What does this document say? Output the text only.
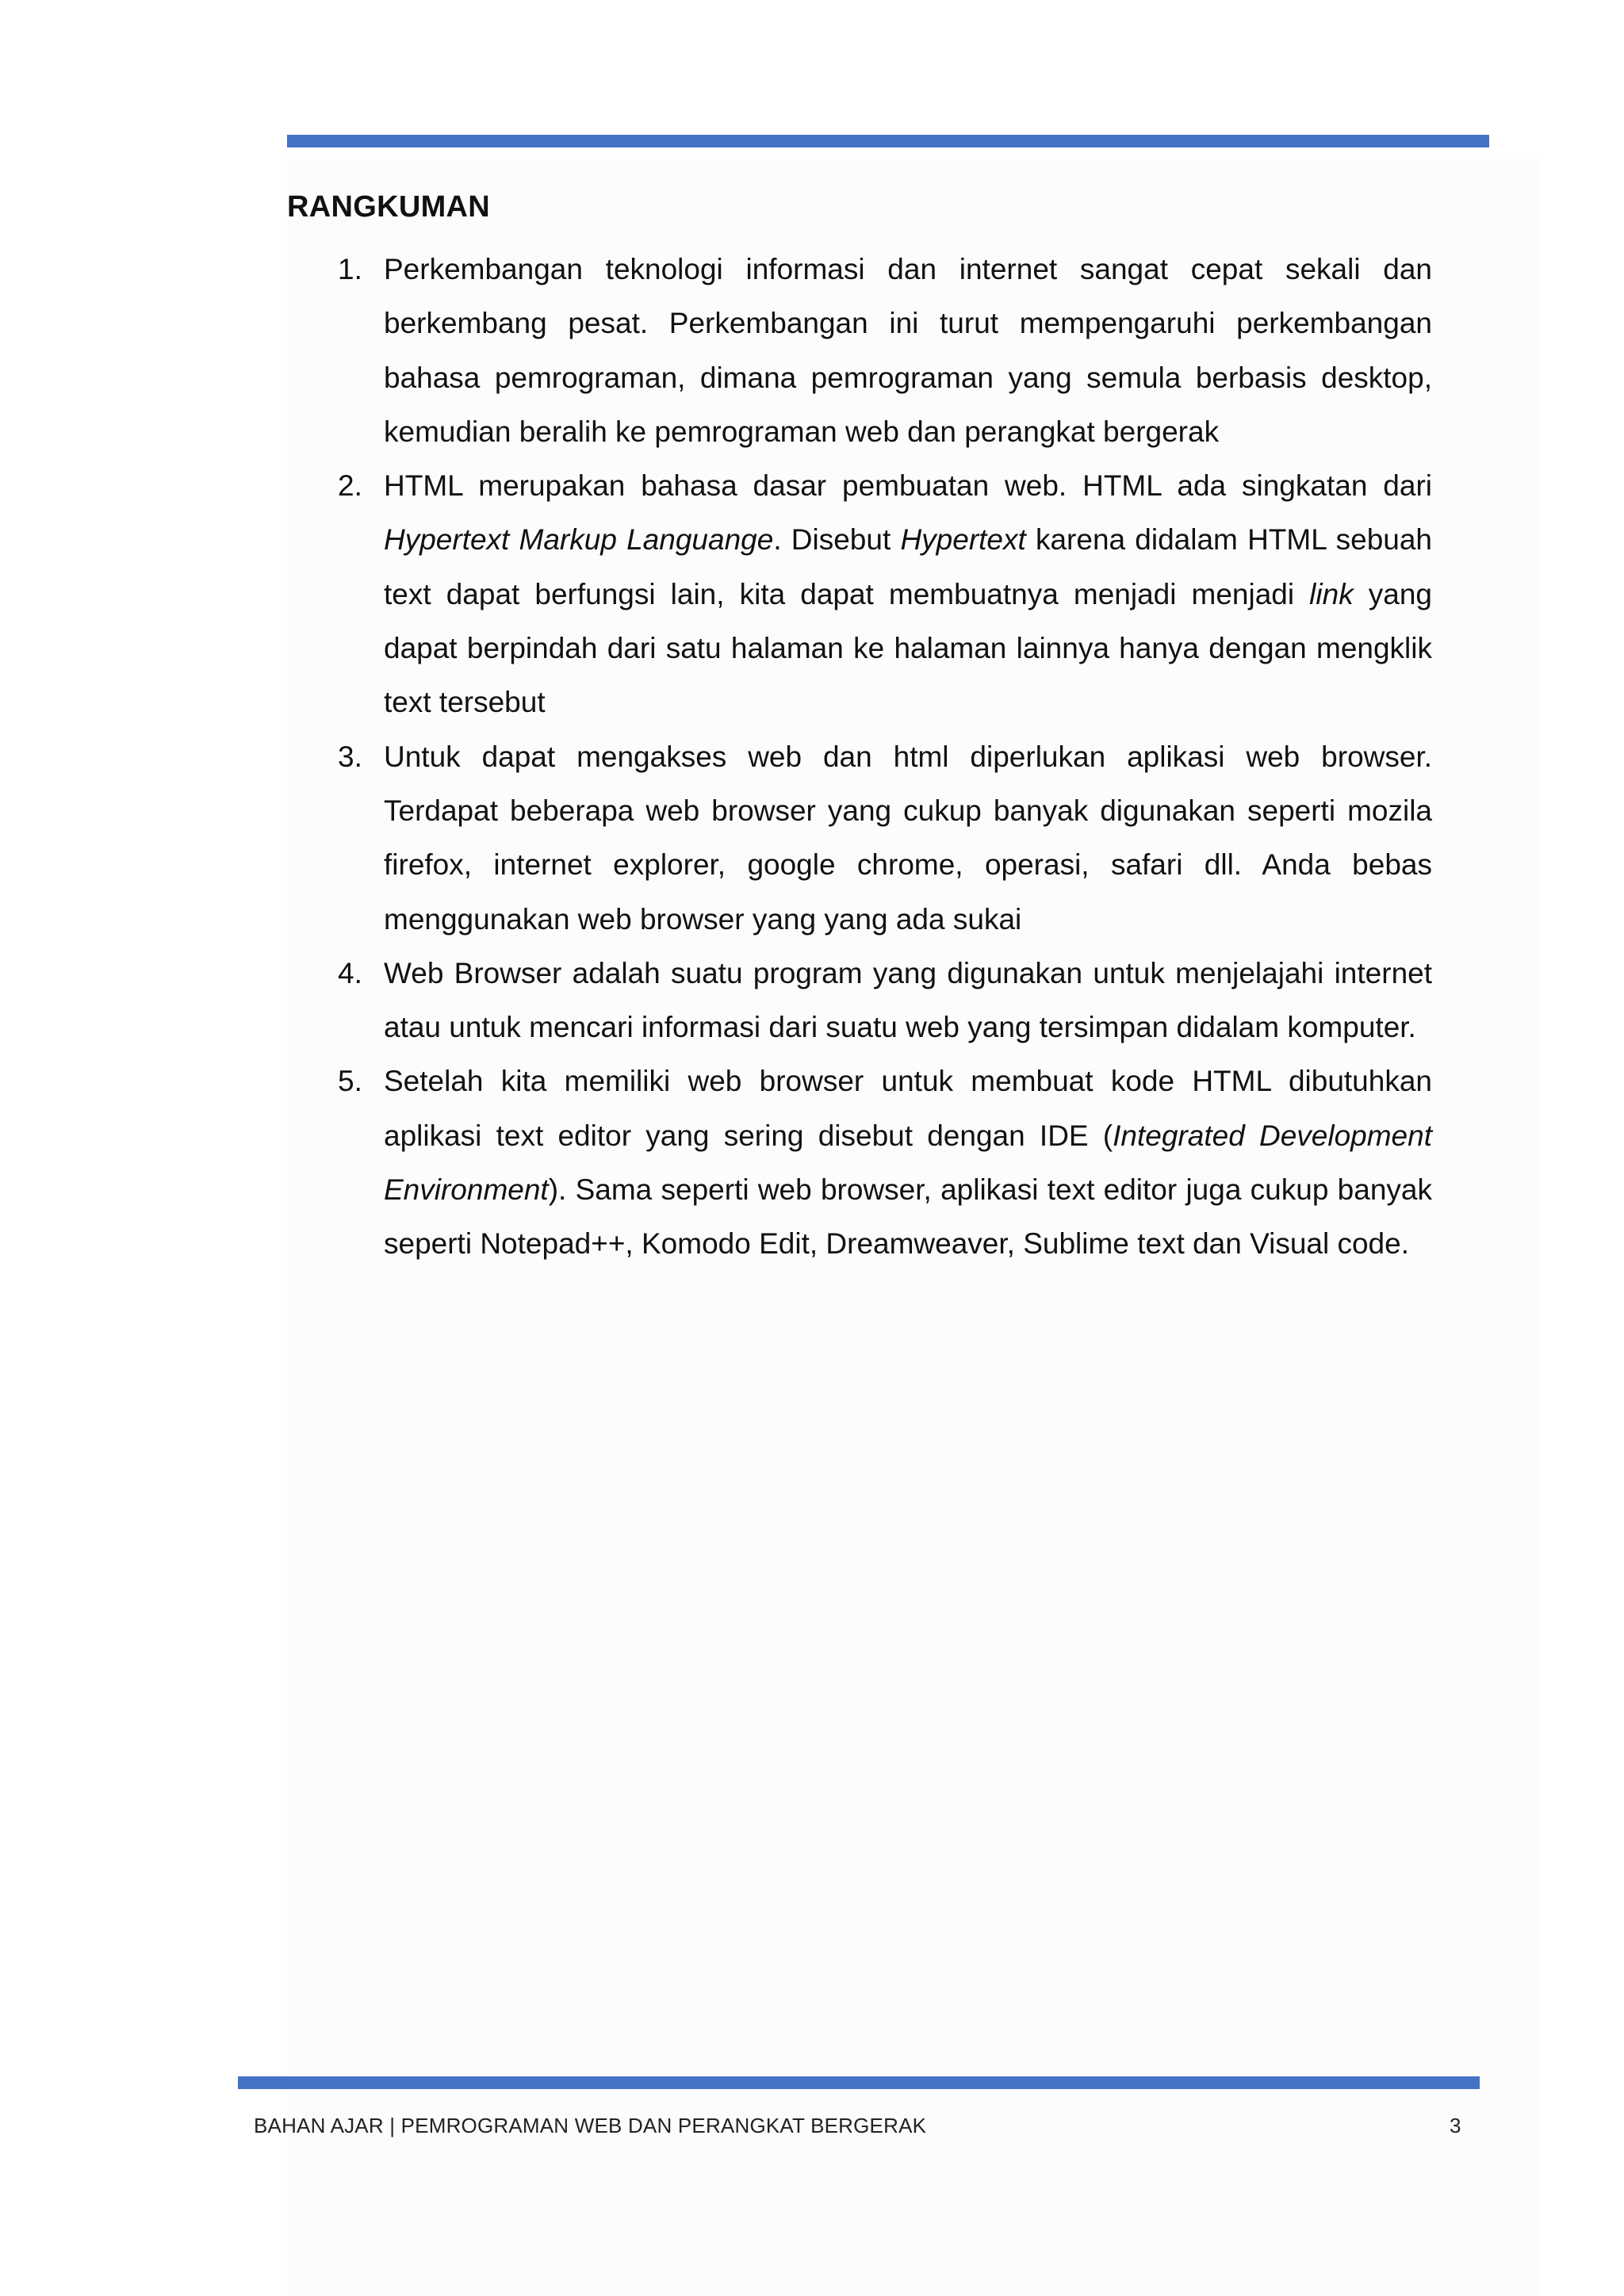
RANGKUMAN
1. Perkembangan teknologi informasi dan internet sangat cepat sekali dan berkembang pesat. Perkembangan ini turut mempengaruhi perkembangan bahasa pemrograman, dimana pemrograman yang semula berbasis desktop, kemudian beralih ke pemrograman web dan perangkat bergerak
2. HTML merupakan bahasa dasar pembuatan web. HTML ada singkatan dari Hypertext Markup Languange. Disebut Hypertext karena didalam HTML sebuah text dapat berfungsi lain, kita dapat membuatnya menjadi menjadi link yang dapat berpindah dari satu halaman ke halaman lainnya hanya dengan mengklik text tersebut
3. Untuk dapat mengakses web dan html diperlukan aplikasi web browser. Terdapat beberapa web browser yang cukup banyak digunakan seperti mozila firefox, internet explorer, google chrome, operasi, safari dll. Anda bebas menggunakan web browser yang yang ada sukai
4. Web Browser adalah suatu program yang digunakan untuk menjelajahi internet atau untuk mencari informasi dari suatu web yang tersimpan didalam komputer.
5. Setelah kita memiliki web browser untuk membuat kode HTML dibutuhkan aplikasi text editor yang sering disebut dengan IDE (Integrated Development Environment). Sama seperti web browser, aplikasi text editor juga cukup banyak seperti Notepad++, Komodo Edit, Dreamweaver, Sublime text dan Visual code.
BAHAN AJAR | PEMROGRAMAN WEB DAN PERANGKAT BERGERAK	3
